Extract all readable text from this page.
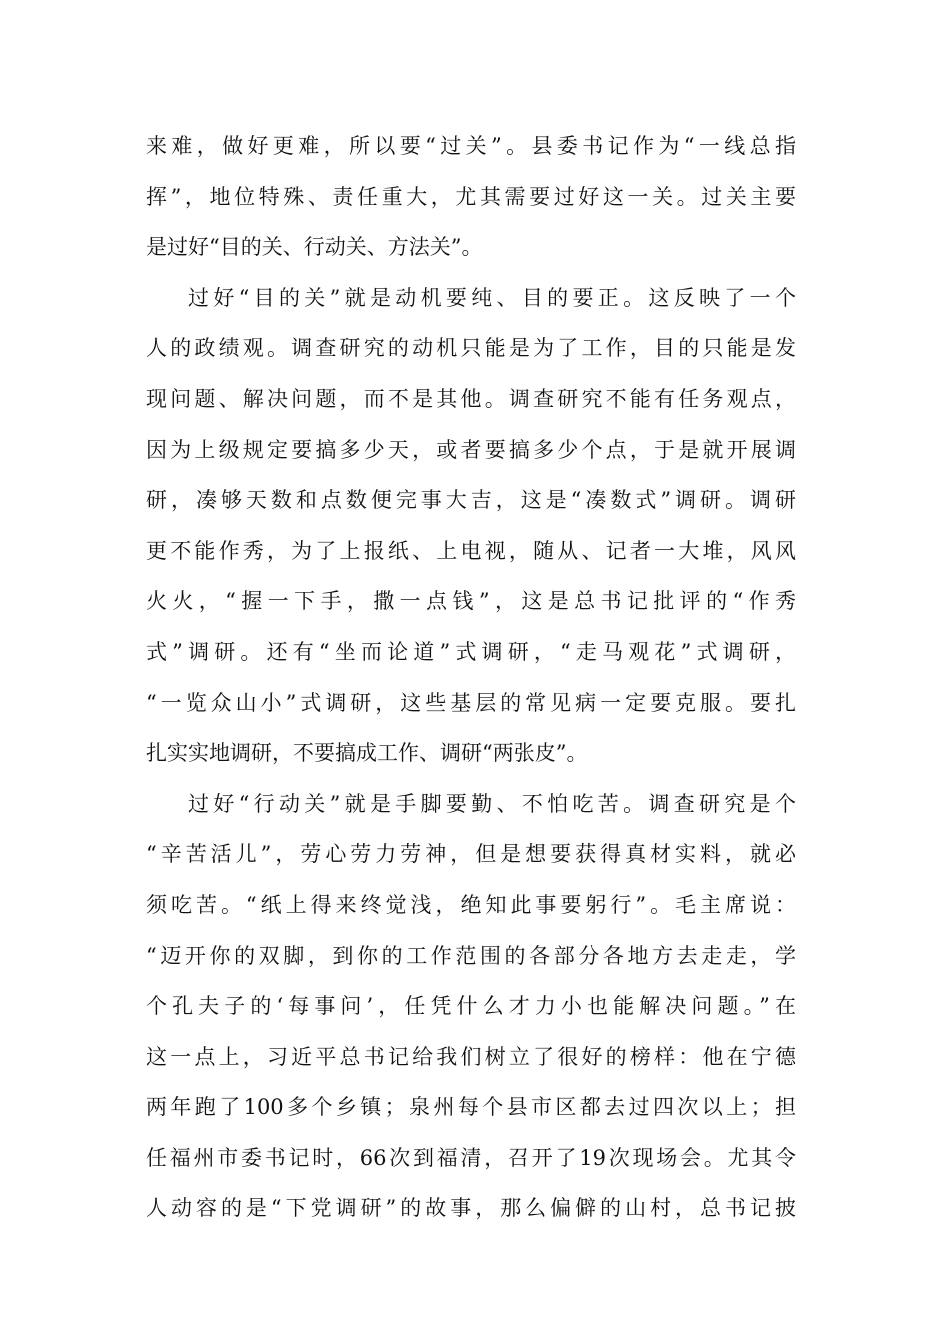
来难，做好更难，所以要“过关”。县委书记作为“一线总指
挥”，地位特殊、责任重大，尤其需要过好这一关。过关主要
是过好“目的关、行动关、方法关”。
过好“目的关”就是动机要纯、目的要正。这反映了一个
人的政绩观。调查研究的动机只能是为了工作，目的只能是发
现问题、解决问题，而不是其他。调查研究不能有任务观点，
因为上级规定要搞多少天，或者要搞多少个点，于是就开展调
研，凑够天数和点数便完事大吉，这是“凑数式”调研。调研
更不能作秀，为了上报纸、上电视，随从、记者一大堆，风风
火火，“握一下手，撒一点钱”，这是总书记批评的“作秀
式”调研。还有“坐而论道”式调研，“走马观花”式调研，
“一览众山小”式调研，这些基层的常见病一定要克服。要扎
扎实实地调研，不要搞成工作、调研“两张皮”。
过好“行动关”就是手脚要勤、不怕吃苦。调查研究是个
“辛苦活儿”，劳心劳力劳神，但是想要获得真材实料，就必
须吃苦。“纸上得来终觉浅，绝知此事要躬行”。毛主席说：
“迈开你的双脚，到你的工作范围的各部分各地方去走走，学
个孔夫子的‘每事问’，任凭什么才力小也能解决问题。”在
这一点上，习近平总书记给我们树立了很好的榜样：他在宁德
两年跑了100多个乡镇；泉州每个县市区都去过四次以上；担
任福州市委书记时，66次到福清，召开了19次现场会。尤其令
人动容的是“下党调研”的故事，那么偏僻的山村，总书记披
